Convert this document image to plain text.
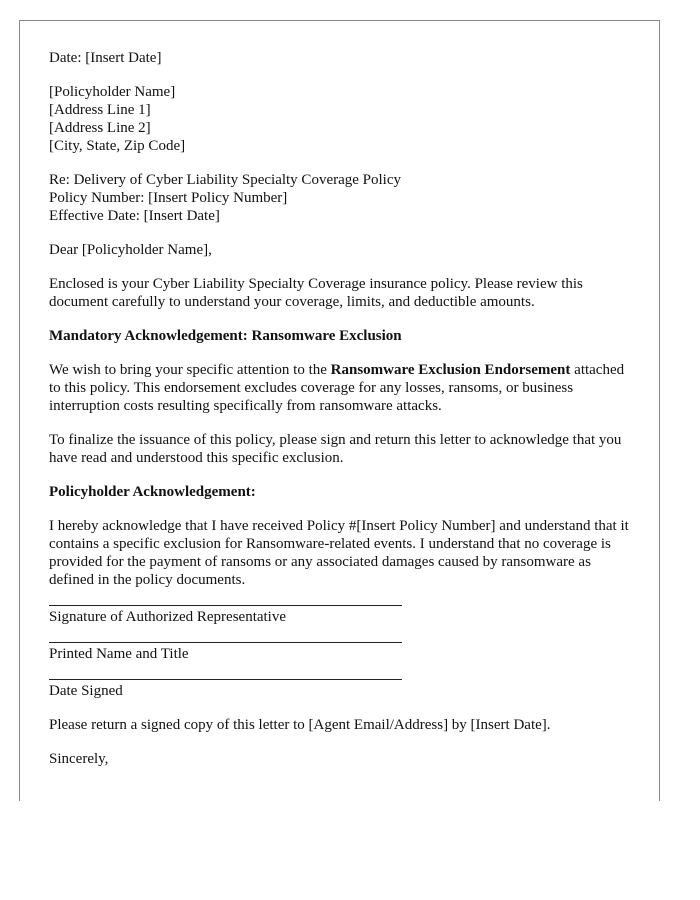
Date: [Insert Date]

[Policyholder Name]
[Address Line 1]
[Address Line 2]
[City, State, Zip Code]

Re: Delivery of Cyber Liability Specialty Coverage Policy
Policy Number: [Insert Policy Number]
Effective Date: [Insert Date]

Dear [Policyholder Name],

Enclosed is your Cyber Liability Specialty Coverage insurance policy. Please review this document carefully to understand your coverage, limits, and deductible amounts.

Mandatory Acknowledgement: Ransomware Exclusion

We wish to bring your specific attention to the Ransomware Exclusion Endorsement attached to this policy. This endorsement excludes coverage for any losses, ransoms, or business interruption costs resulting specifically from ransomware attacks.

To finalize the issuance of this policy, please sign and return this letter to acknowledge that you have read and understood this specific exclusion.

Policyholder Acknowledgement:

I hereby acknowledge that I have received Policy #[Insert Policy Number] and understand that it contains a specific exclusion for Ransomware-related events. I understand that no coverage is provided for the payment of ransoms or any associated damages caused by ransomware as defined in the policy documents.

Signature of Authorized Representative
Printed Name and Title
Date Signed

Please return a signed copy of this letter to [Agent Email/Address] by [Insert Date].

Sincerely,
